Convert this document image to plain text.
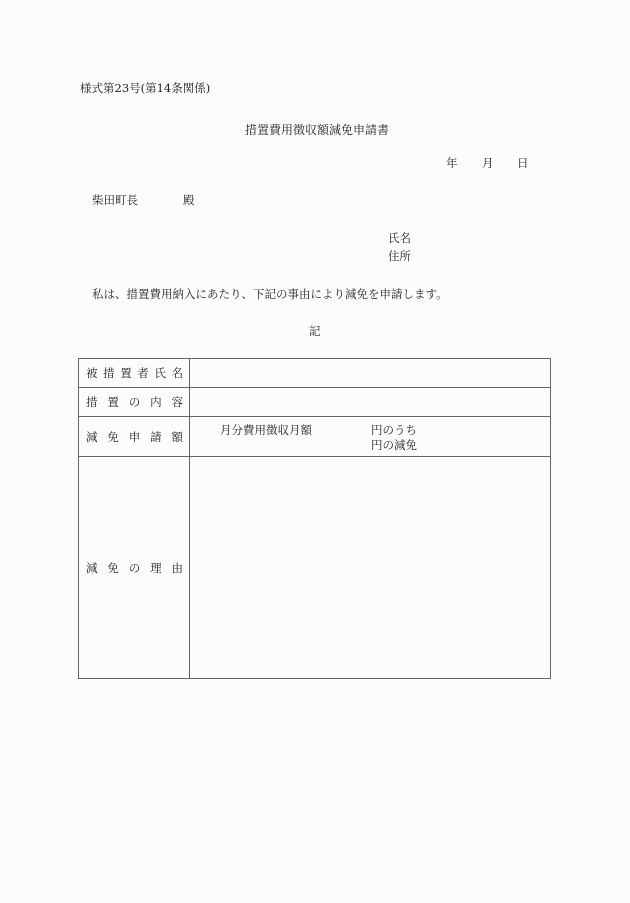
様式第23号(第14条関係)
措置費用徴収額減免申請書
年 月 日
柴田町長	殿
氏名
住所
私は、措置費用納入にあたり、下記の事由により減免を申請します。
記
被 措 置 者 氏 名

措 置 の 内 容	

減 免 申 請 額	月分費用徴収月額 円のうち
円の減免

減 免 の 理 由	
